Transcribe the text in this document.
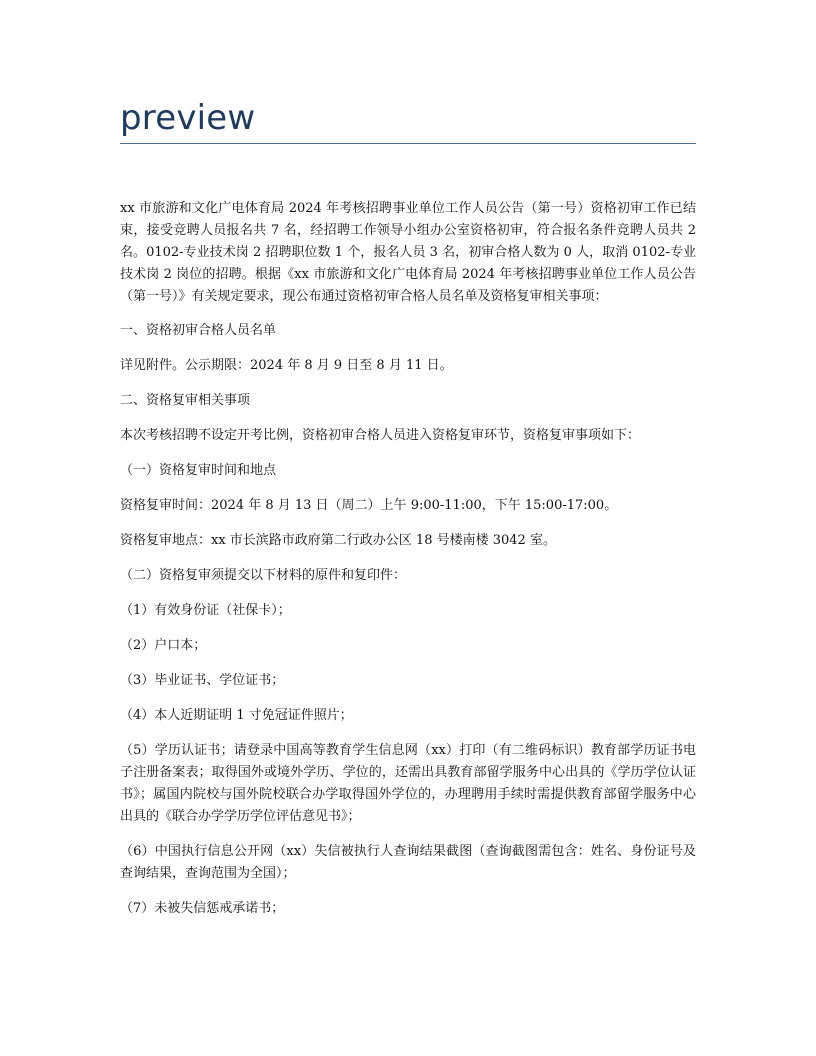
preview

xx 市旅游和文化广电体育局 2024 年考核招聘事业单位工作人员公告（第一号）资格初审工作已结束，接受竞聘人员报名共 7 名，经招聘工作领导小组办公室资格初审，符合报名条件竞聘人员共 2 名。0102-专业技术岗 2 招聘职位数 1 个，报名人员 3 名，初审合格人数为 0 人，取消 0102-专业技术岗 2 岗位的招聘。根据《xx 市旅游和文化广电体育局 2024 年考核招聘事业单位工作人员公告（第一号）》有关规定要求，现公布通过资格初审合格人员名单及资格复审相关事项：

一、资格初审合格人员名单

详见附件。公示期限：2024 年 8 月 9 日至 8 月 11 日。

二、资格复审相关事项

本次考核招聘不设定开考比例，资格初审合格人员进入资格复审环节，资格复审事项如下：

（一）资格复审时间和地点

资格复审时间：2024 年 8 月 13 日（周二）上午 9:00-11:00，下午 15:00-17:00。

资格复审地点：xx 市长滨路市政府第二行政办公区 18 号楼南楼 3042 室。

（二）资格复审须提交以下材料的原件和复印件：

（1）有效身份证（社保卡）；

（2）户口本；

（3）毕业证书、学位证书；

（4）本人近期证明 1 寸免冠证件照片；

（5）学历认证书；请登录中国高等教育学生信息网（xx）打印（有二维码标识）教育部学历证书电子注册备案表；取得国外或境外学历、学位的，还需出具教育部留学服务中心出具的《学历学位认证书》；属国内院校与国外院校联合办学取得国外学位的，办理聘用手续时需提供教育部留学服务中心出具的《联合办学学历学位评估意见书》；

（6）中国执行信息公开网（xx）失信被执行人查询结果截图（查询截图需包含：姓名、身份证号及查询结果，查询范围为全国）；

（7）未被失信惩戒承诺书；
